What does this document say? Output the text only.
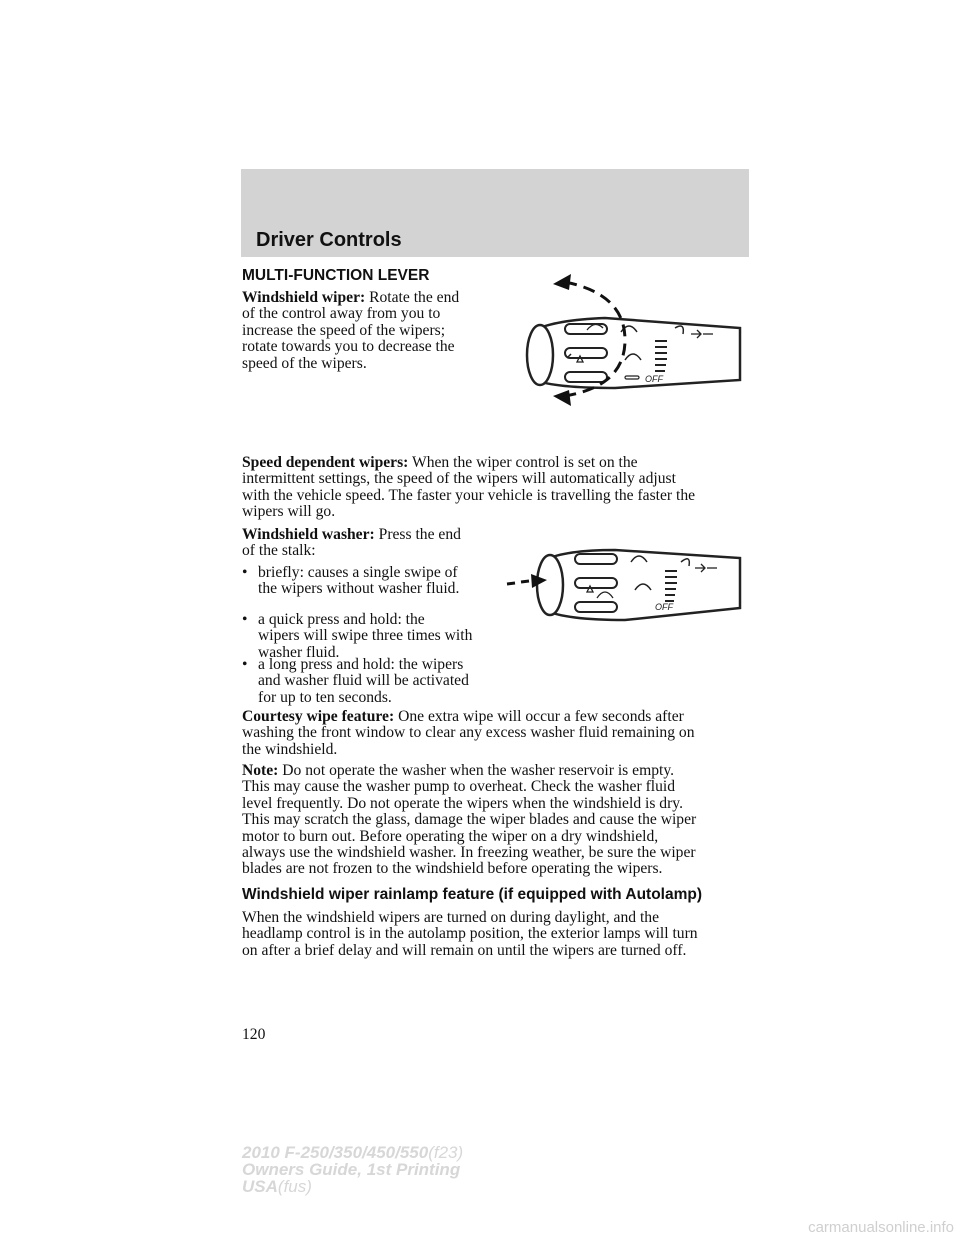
Driver Controls
MULTI-FUNCTION LEVER
Windshield wiper: Rotate the end
of the control away from you to
increase the speed of the wipers;
rotate towards you to decrease the
speed of the wipers.
OFF
Speed dependent wipers: When the wiper control is set on the
intermittent settings, the speed of the wipers will automatically adjust
with the vehicle speed. The faster your vehicle is travelling the faster the
wipers will go.
Windshield washer: Press the end
of the stalk:
• briefly: causes a single swipe of
the wipers without washer fluid.
• a quick press and hold: the
wipers will swipe three times with
washer fluid.
• a long press and hold: the wipers
and washer fluid will be activated
for up to ten seconds.
OFF
Courtesy wipe feature: One extra wipe will occur a few seconds after
washing the front window to clear any excess washer fluid remaining on
the windshield.
Note: Do not operate the washer when the washer reservoir is empty.
This may cause the washer pump to overheat. Check the washer fluid
level frequently. Do not operate the wipers when the windshield is dry.
This may scratch the glass, damage the wiper blades and cause the wiper
motor to burn out. Before operating the wiper on a dry windshield,
always use the windshield washer. In freezing weather, be sure the wiper
blades are not frozen to the windshield before operating the wipers.
Windshield wiper rainlamp feature (if equipped with Autolamp)
When the windshield wipers are turned on during daylight, and the
headlamp control is in the autolamp position, the exterior lamps will turn
on after a brief delay and will remain on until the wipers are turned off.
120
2010 F-250/350/450/550(f23)
Owners Guide, 1st Printing
USA(fus)
carmanualsonline.info
